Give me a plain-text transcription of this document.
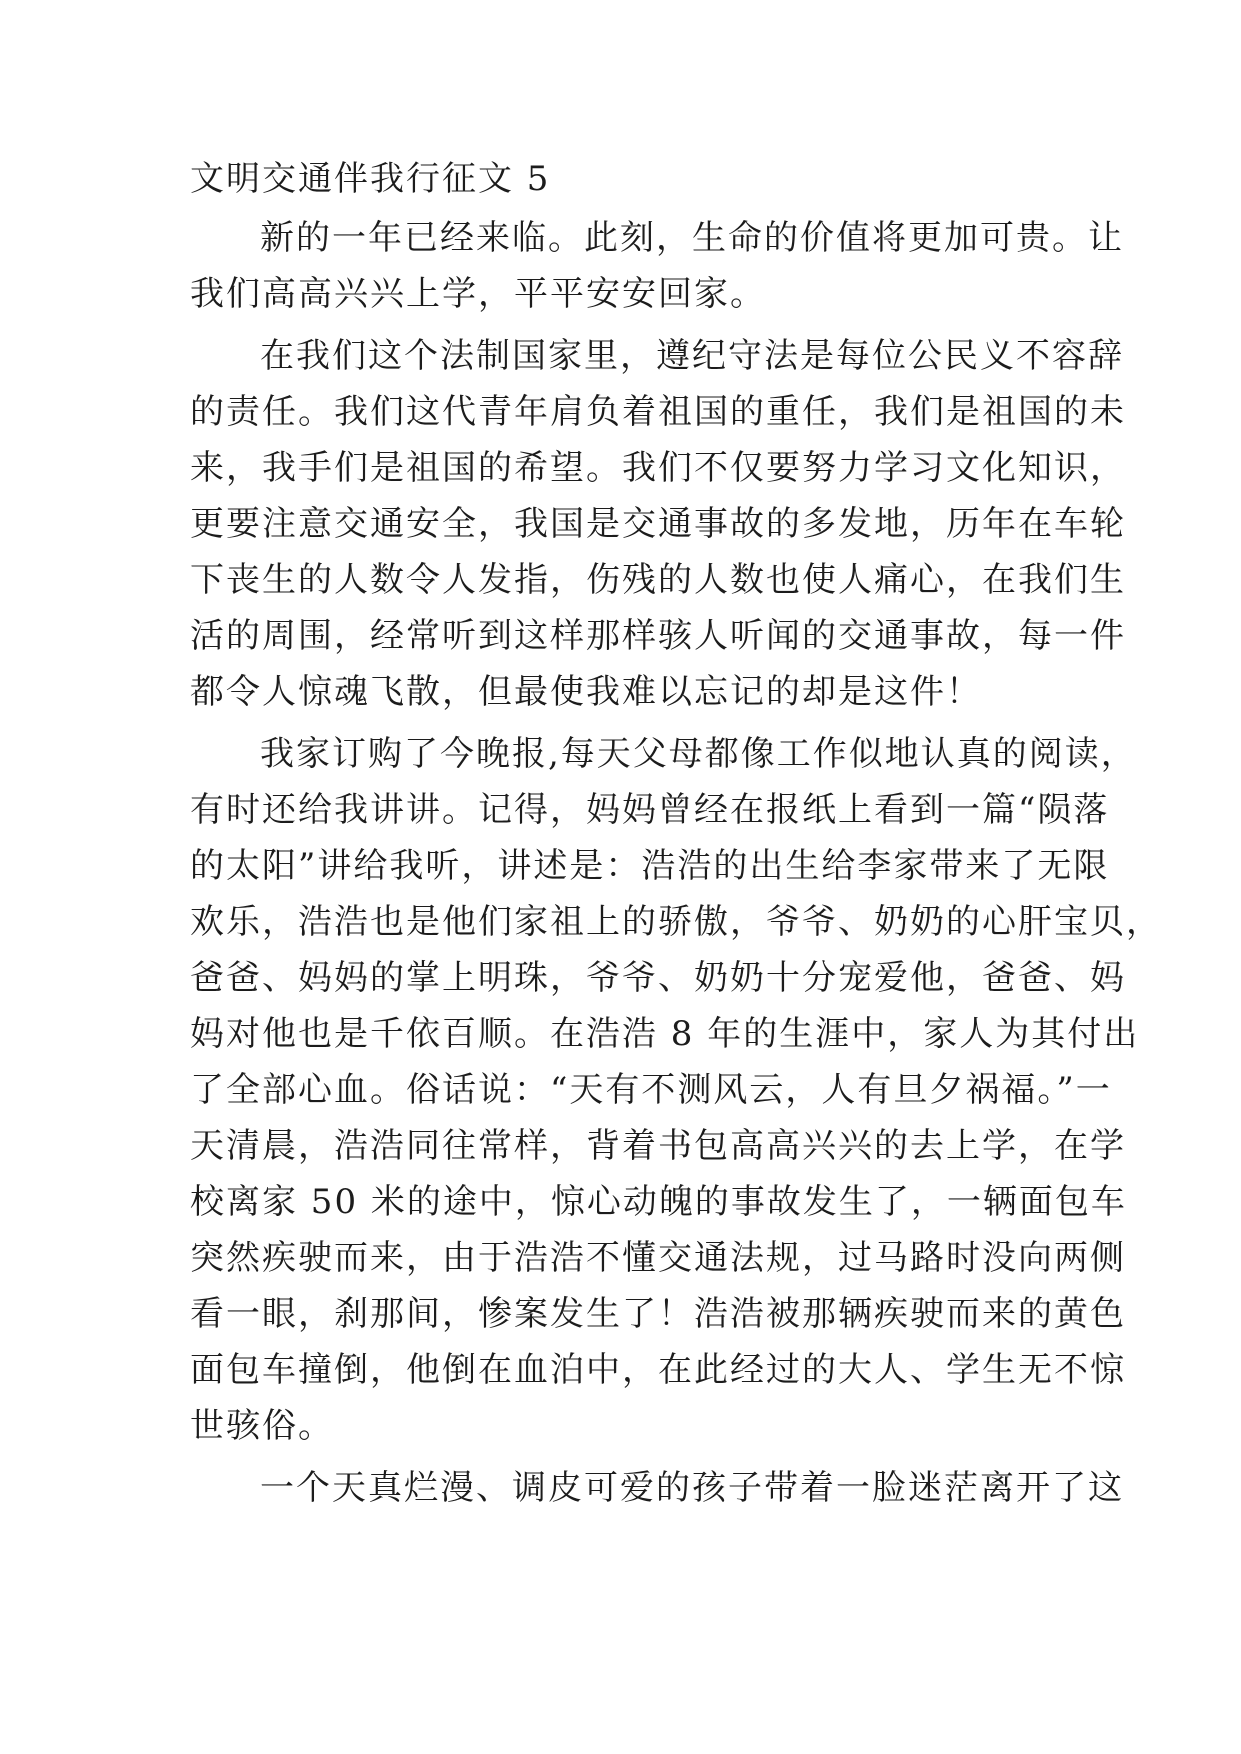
文明交通伴我行征文 5
新的一年已经来临。此刻，生命的价值将更加可贵。让
我们高高兴兴上学，平平安安回家。
在我们这个法制国家里，遵纪守法是每位公民义不容辞
的责任。我们这代青年肩负着祖国的重任，我们是祖国的未
来，我手们是祖国的希望。我们不仅要努力学习文化知识，
更要注意交通安全，我国是交通事故的多发地，历年在车轮
下丧生的人数令人发指，伤残的人数也使人痛心，在我们生
活的周围，经常听到这样那样骇人听闻的交通事故，每一件
都令人惊魂飞散，但最使我难以忘记的却是这件！
我家订购了今晚报,每天父母都像工作似地认真的阅读，
有时还给我讲讲。记得，妈妈曾经在报纸上看到一篇“陨落
的太阳”讲给我听，讲述是：浩浩的出生给李家带来了无限
欢乐，浩浩也是他们家祖上的骄傲，爷爷、奶奶的心肝宝贝，
爸爸、妈妈的掌上明珠，爷爷、奶奶十分宠爱他，爸爸、妈
妈对他也是千依百顺。在浩浩 8 年的生涯中，家人为其付出
了全部心血。俗话说：“天有不测风云，人有旦夕祸福。”一
天清晨，浩浩同往常样，背着书包高高兴兴的去上学，在学
校离家 50 米的途中，惊心动魄的事故发生了，一辆面包车
突然疾驶而来，由于浩浩不懂交通法规，过马路时没向两侧
看一眼，刹那间，惨案发生了！浩浩被那辆疾驶而来的黄色
面包车撞倒，他倒在血泊中，在此经过的大人、学生无不惊
世骇俗。
一个天真烂漫、调皮可爱的孩子带着一脸迷茫离开了这
